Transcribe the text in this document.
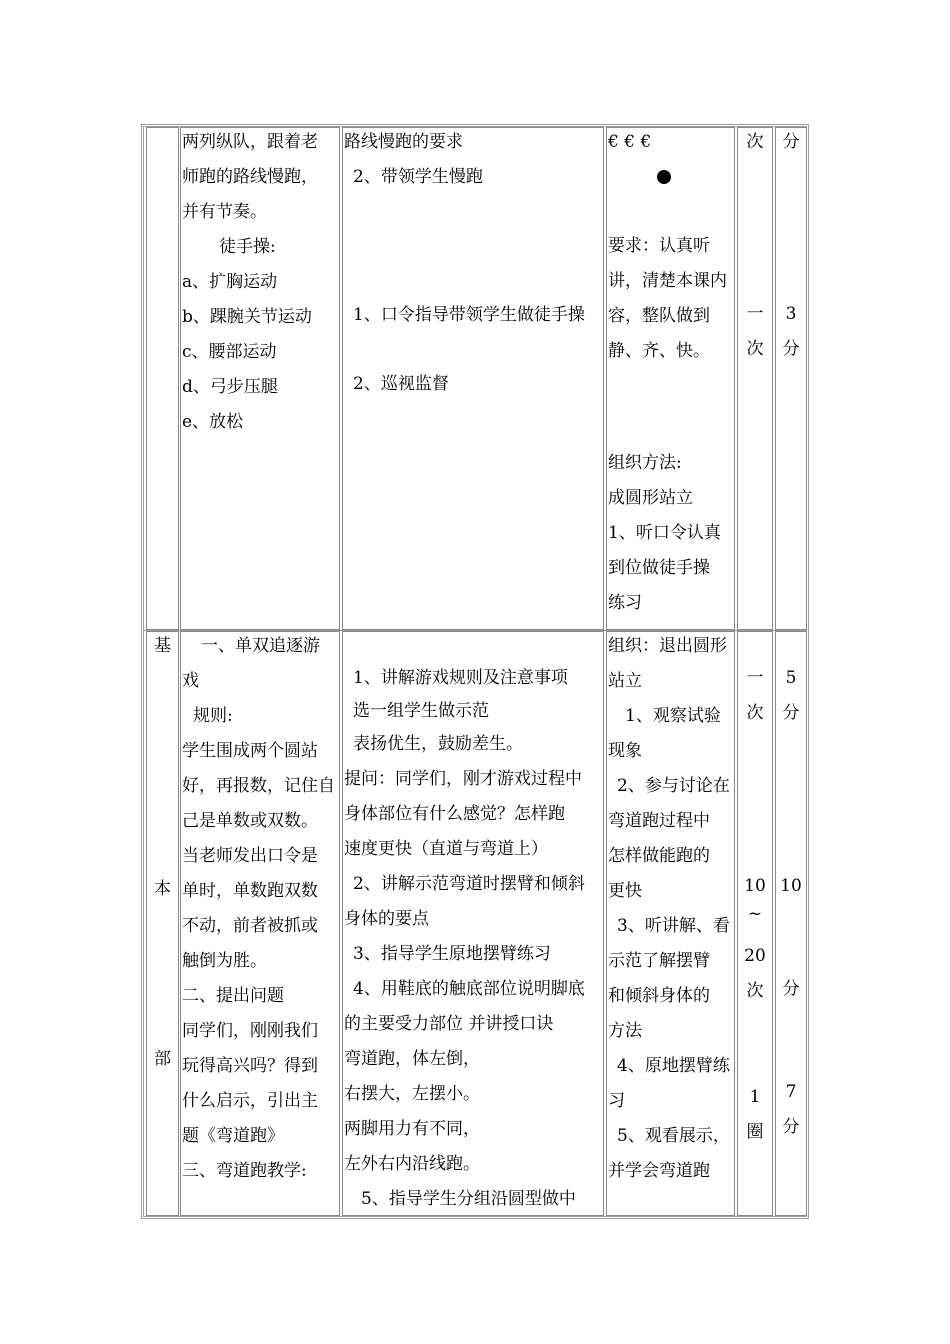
两列纵队，跟着老
师跑的路线慢跑，
并有节奏。
徒手操:
a、扩胸运动
b、踝腕关节运动
c、腰部运动
d、弓步压腿
e、放松
路线慢跑的要求
2、带领学生慢跑
1、口令指导带领学生做徒手操
2、巡视监督
€ € €
要求：认真听
讲，清楚本课内
容，整队做到
静、齐、快。
组织方法:
成圆形站立
1、听口令认真
到位做徒手操
练习
次
一
次
分
3
分
基
本
部
一、单双追逐游
戏
规则:
学生围成两个圆站
好，再报数，记住自
己是单数或双数。
当老师发出口令是
单时，单数跑双数
不动，前者被抓或
触倒为胜。
二、提出问题
同学们，刚刚我们
玩得高兴吗？得到
什么启示，引出主
题《弯道跑》
三、弯道跑教学:
1、讲解游戏规则及注意事项
选一组学生做示范
表扬优生，鼓励差生。
提问：同学们，刚才游戏过程中
身体部位有什么感觉？怎样跑
速度更快（直道与弯道上）
2、讲解示范弯道时摆臂和倾斜
身体的要点
3、指导学生原地摆臂练习
4、用鞋底的触底部位说明脚底
的主要受力部位 并讲授口诀
弯道跑，体左倒，
右摆大，左摆小。
两脚用力有不同，
左外右内沿线跑。
5、指导学生分组沿圆型做中
组织：退出圆形
站立
1、观察试验
现象
2、参与讨论在
弯道跑过程中
怎样做能跑的
更快
3、听讲解、看
示范了解摆臂
和倾斜身体的
方法
4、原地摆臂练
习
5、观看展示，
并学会弯道跑
一
次
10
~
20
次
1
圈
5
分
10
分
7
分
